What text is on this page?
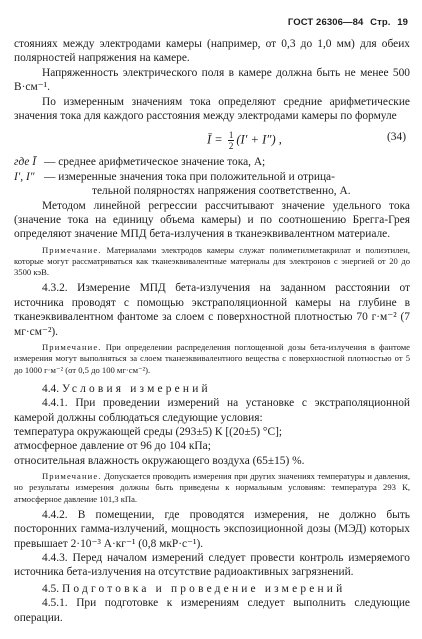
ГОСТ 26306—84 Стр. 19

стояниях между электродами камеры (например, от 0,3 до 1,0 мм) для обеих полярностей напряжения на камере.

Напряженность электрического поля в камере должна быть не менее 500 В·см⁻¹.

По измеренным значениям тока определяют средние арифметические значения тока для каждого расстояния между электродами камеры по формуле

Ī = $\frac{1}{2} (I' + I'')$ ,	(34)
где Ī — среднее арифметическое значение тока, А;
I′, I″ — измеренные значения тока при положительной и отрица-
тельной полярностях напряжения соответственно, А.

Методом линейной регрессии рассчитывают значение удельного тока (значение тока на единицу объема камеры) и по соотношению Брегга-Грея определяют значение МПД бета-излучения в тканеэквивалентном материале.

Примечание. Материалами электродов камеры служат полиметилметакрилат и полиэтилен, которые могут рассматриваться как тканеэквивалентные материалы для электронов с энергией от 20 до 3500 кэВ.

4.3.2. Измерение МПД бета-излучения на заданном расстоянии от источника проводят с помощью экстраполяционной камеры на глубине в тканеэквивалентном фантоме за слоем с поверхностной плотностью 70 г·м⁻² (7 мг·см⁻²).

Примечание. При определении распределения поглощенной дозы бета-излучения в фантоме измерения могут выполняться за слоем тканеэквивалентного вещества с поверхностной плотностью от 5 до 1000 г·м⁻² (от 0,5 до 100 мг·см⁻²).

4.4. Условия измерений

4.4.1. При проведении измерений на установке с экстраполяционной камерой должны соблюдаться следующие условия:

температура окружающей среды (293±5) К [(20±5) °С];

атмосферное давление от 96 до 104 кПа;

относительная влажность окружающего воздуха (65±15) %.

Примечание. Допускается проводить измерения при других значениях температуры и давления, но результаты измерения должны быть приведены к нормальным условиям: температура 293 К, атмосферное давление 101,3 кПа.

4.4.2. В помещении, где проводятся измерения, не должно быть посторонних гамма-излучений, мощность экспозиционной дозы (МЭД) которых превышает 2·10⁻³ А·кг⁻¹ (0,8 мкР·с⁻¹).

4.4.3. Перед началом измерений следует провести контроль измеряемого источника бета-излучения на отсутствие радиоактивных загрязнений.

4.5. Подготовка и проведение измерений

4.5.1. При подготовке к измерениям следует выполнить следующие операции.
